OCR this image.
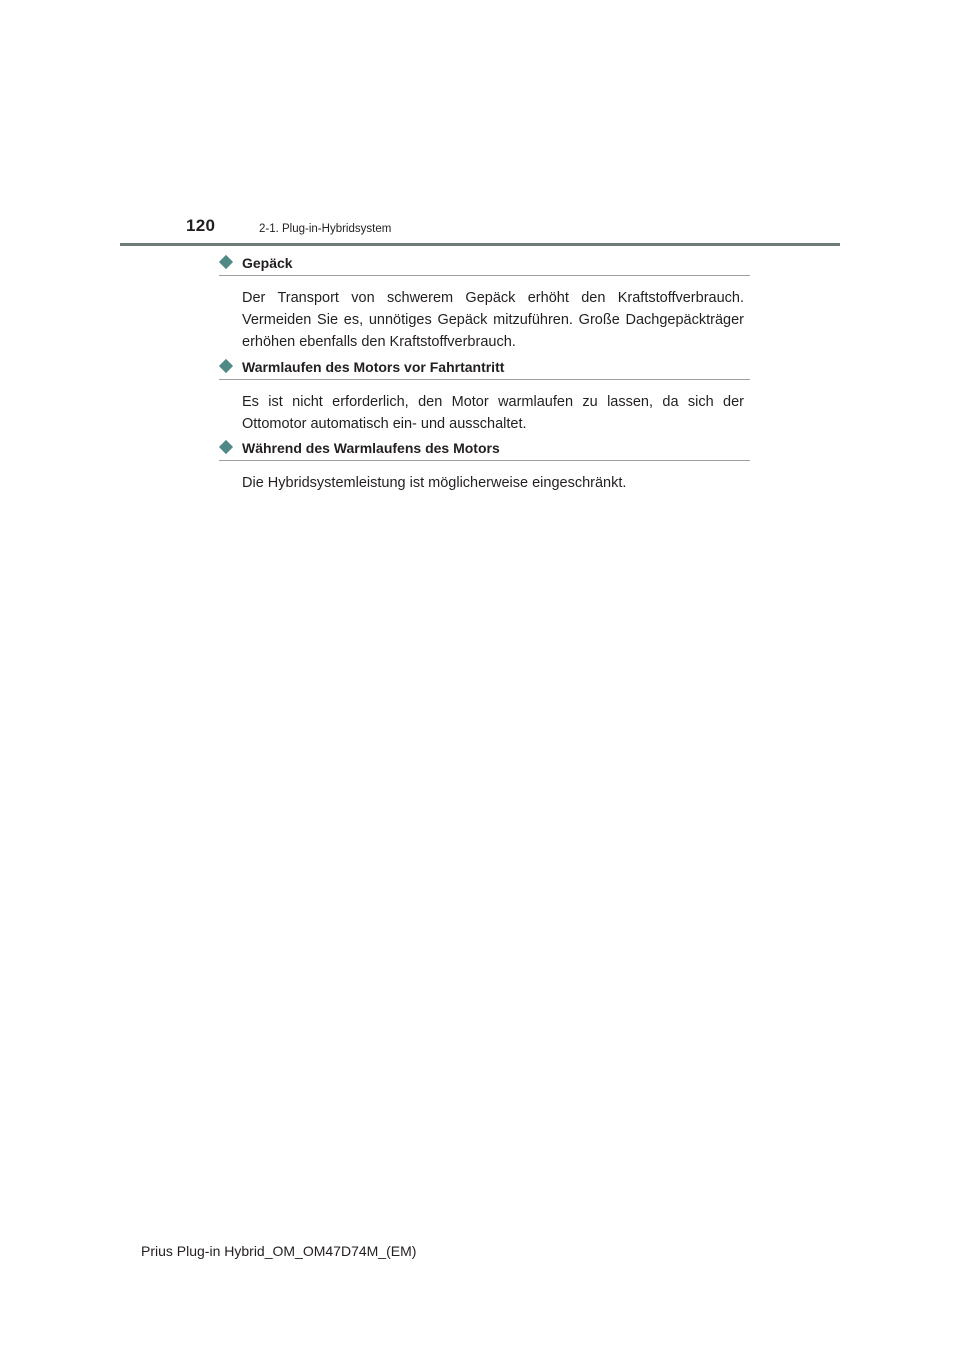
120	2-1. Plug-in-Hybridsystem
Gepäck

Der Transport von schwerem Gepäck erhöht den Kraftstoffverbrauch. Vermeiden Sie es, unnötiges Gepäck mitzuführen. Große Dachgepäckträger erhöhen ebenfalls den Kraftstoffverbrauch.

Warmlaufen des Motors vor Fahrtantritt

Es ist nicht erforderlich, den Motor warmlaufen zu lassen, da sich der Ottomotor automatisch ein- und ausschaltet.

Während des Warmlaufens des Motors

Die Hybridsystemleistung ist möglicherweise eingeschränkt.

Prius Plug-in Hybrid_OM_OM47D74M_(EM)
